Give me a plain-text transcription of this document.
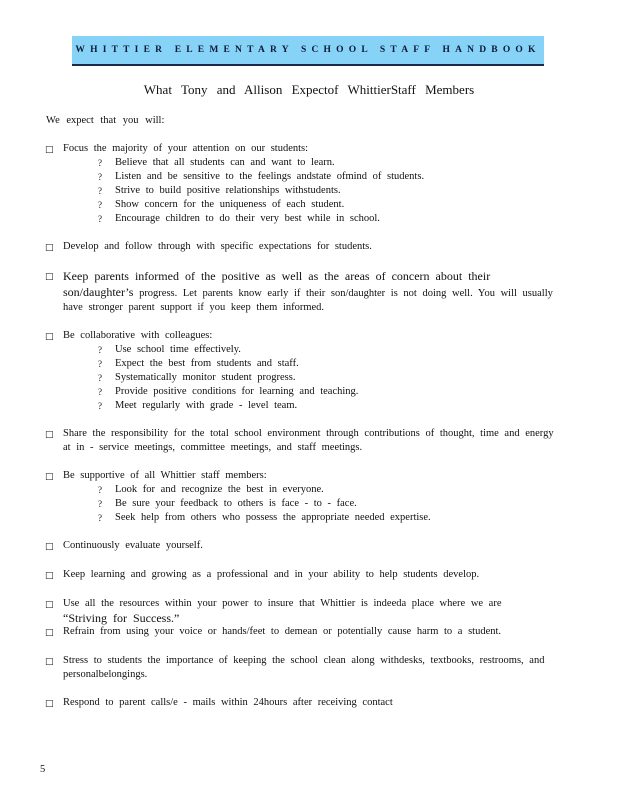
WHITTIER ELEMENTARY SCHOOL STAFF HANDBOOK
What Tony and Allison Expectof WhittierStaff Members
We expect that you will:
□ Focus the majority of your attention on our students:
?	Believe that all students can and want to learn.
?	Listen and be sensitive to the feelings andstate ofmind of students.
?	Strive to build positive relationships withstudents.
?	Show concern for the uniqueness of each student.
?	Encourage children to do their very best while in school.
□ Develop and follow through with specific expectations for students.
□ Keep parents informed of the positive as well as the areas of concern about their son/daughter’s progress. Let parents know early if their son/daughter is not doing well. You will usually have stronger parent support if you keep them informed.
□ Be collaborative with colleagues:
?	Use school time effectively.
?	Expect the best from students and staff.
?	Systematically monitor student progress.
?	Provide positive conditions for learning and teaching.
?	Meet regularly with grade - level team.
□ Share the responsibility for the total school environment through contributions of thought, time and energy at in - service meetings, committee meetings, and staff meetings.
□ Be supportive of all Whittier staff members:
?	Look for and recognize the best in everyone.
?	Be sure your feedback to others is face - to - face.
?	Seek help from others who possess the appropriate needed expertise.
□ Continuously evaluate yourself.
□ Keep learning and growing as a professional and in your ability to help students develop.
□ Use all the resources within your power to insure that Whittier is indeeda place where we are
“Striving for Success.”
□ Refrain from using your voice or hands/feet to demean or potentially cause harm to a student.
□ Stress to students the importance of keeping the school clean along withdesks, textbooks, restrooms, and personalbelongings.
□ Respond to parent calls/e - mails within 24hours after receiving contact
5
